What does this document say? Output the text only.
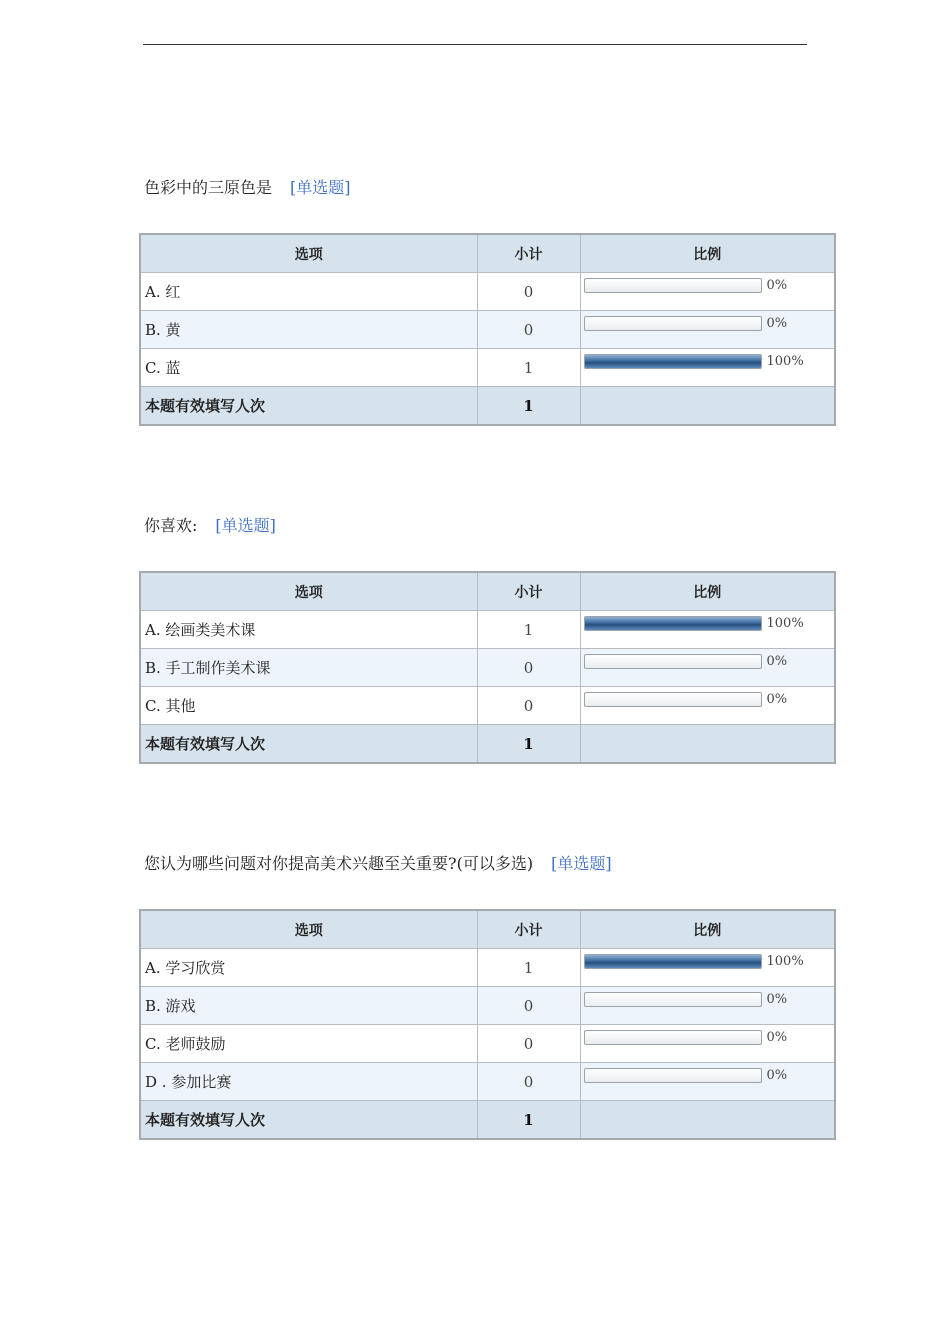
色彩中的三原色是 [单选题]
选项	小计	比例
A. 红	0	0%

B. 黄	0	0%

C. 蓝	1	100%

本题有效填写人次	1	
你喜欢: [单选题]
选项	小计	比例
A. 绘画类美术课	1	100%

B. 手工制作美术课	0	0%

C. 其他	0	0%

本题有效填写人次	1	
您认为哪些问题对你提高美术兴趣至关重要?(可以多选) [单选题]
选项	小计	比例
A. 学习欣赏	1	100%

B. 游戏	0	0%

C. 老师鼓励	0	0%

D . 参加比赛	0	0%

本题有效填写人次	1	
